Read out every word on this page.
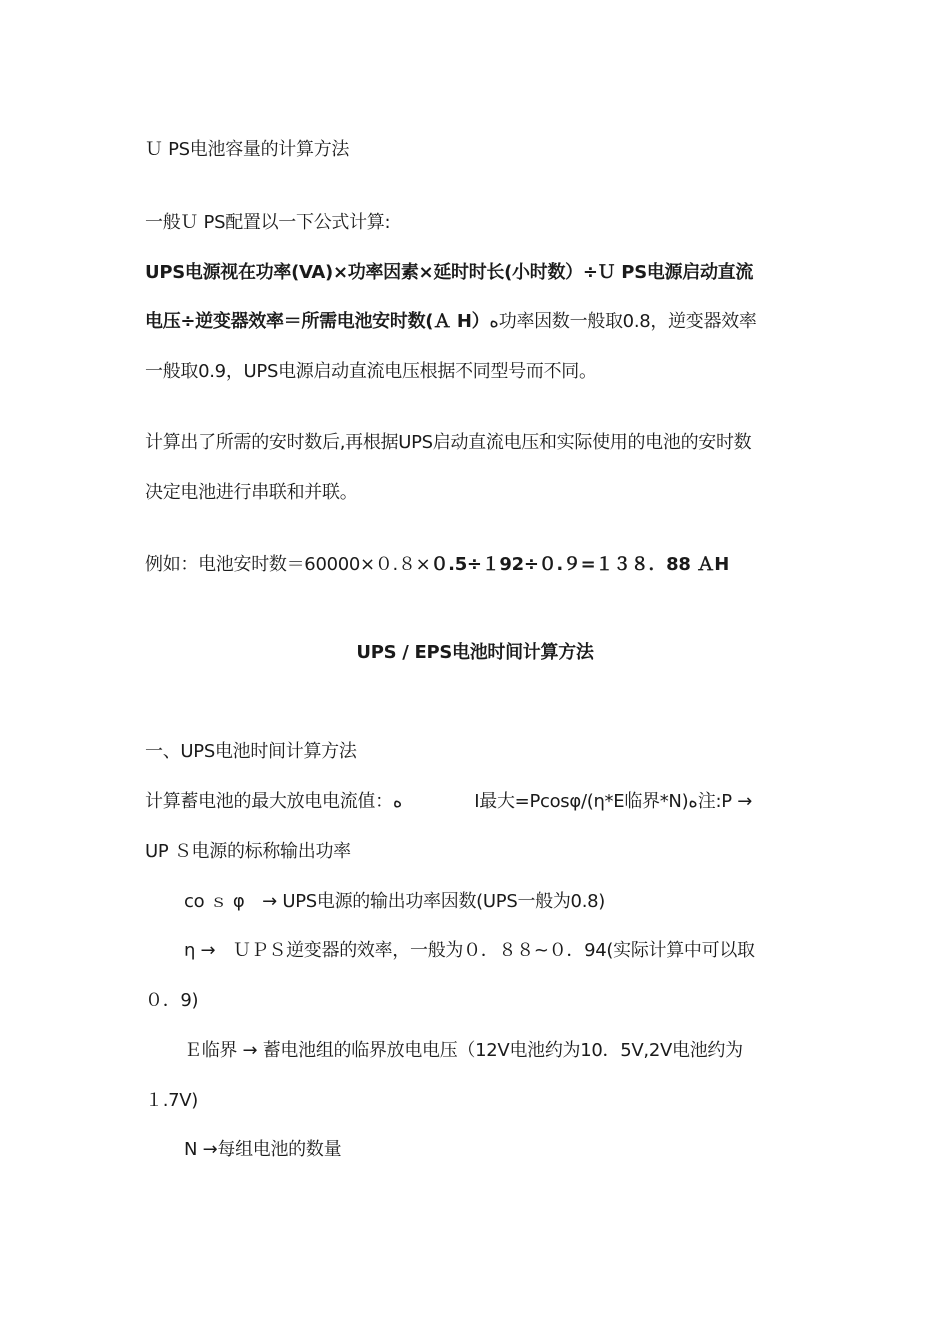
Ｕ PS电池容量的计算方法
一般Ｕ PS配置以一下公式计算:
UPS电源视在功率(VA)×功率因素×延时时长(小时数）÷Ｕ PS电源启动直流
电压÷逆变器效率＝所需电池安时数(Ａ H）ﻩ功率因数一般取0.8，逆变器效率
一般取0.9，UPS电源启动直流电压根据不同型号而不同。
计算出了所需的安时数后,再根据UPS启动直流电压和实际使用的电池的安时数
决定电池进行串联和并联。
例如：电池安时数＝60000×０.８×０.5÷１92÷０.９=１３８．88 ＡH
UPS / EPS电池时间计算方法
一、UPS电池时间计算方法
计算蓄电池的最大放电电流值：ﻩ	I最大=Pcosφ/(η*E临界*N)ﻩ注:P →
UP Ｓ电源的标称输出功率
co ｓ φ　→ UPS电源的输出功率因数(UPS一般为0.8)
η →　ＵＰＳ逆变器的效率，一般为０．８８~０．94(实际计算中可以取
０．9)
Ｅ临界 → 蓄电池组的临界放电电压（12V电池约为10．5V,2V电池约为
１.7V)
N →每组电池的数量
